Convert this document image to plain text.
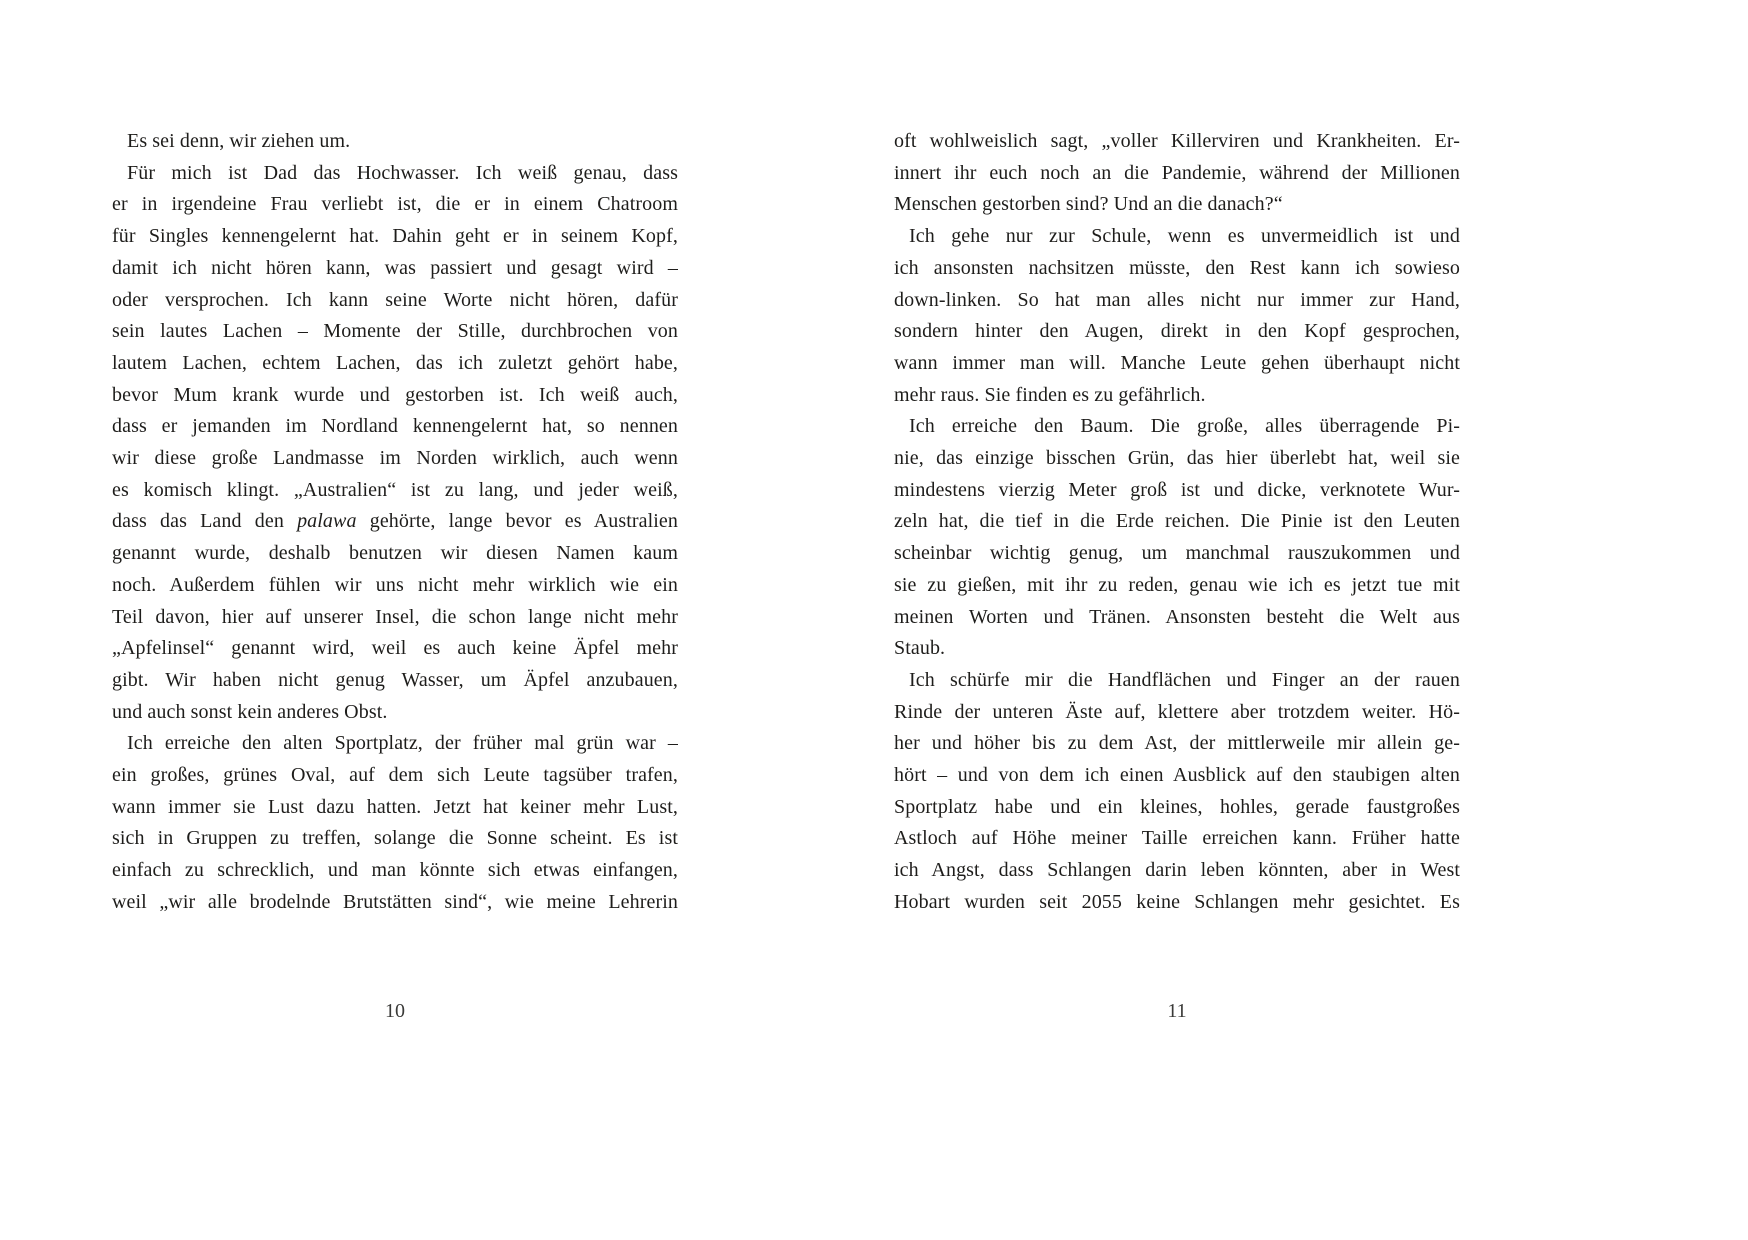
Es sei denn, wir ziehen um.
Für mich ist Dad das Hochwasser. Ich weiß genau, dass
er in irgendeine Frau verliebt ist, die er in einem Chatroom
für Singles kennengelernt hat. Dahin geht er in seinem Kopf,
damit ich nicht hören kann, was passiert und gesagt wird –
oder versprochen. Ich kann seine Worte nicht hören, dafür
sein lautes Lachen – Momente der Stille, durchbrochen von
lautem Lachen, echtem Lachen, das ich zuletzt gehört habe,
bevor Mum krank wurde und gestorben ist. Ich weiß auch,
dass er jemanden im Nordland kennengelernt hat, so nennen
wir diese große Landmasse im Norden wirklich, auch wenn
es komisch klingt. „Australien“ ist zu lang, und jeder weiß,
dass das Land den palawa gehörte, lange bevor es Australien
genannt wurde, deshalb benutzen wir diesen Namen kaum
noch. Außerdem fühlen wir uns nicht mehr wirklich wie ein
Teil davon, hier auf unserer Insel, die schon lange nicht mehr
„Apfelinsel“ genannt wird, weil es auch keine Äpfel mehr
gibt. Wir haben nicht genug Wasser, um Äpfel anzubauen,
und auch sonst kein anderes Obst.
Ich erreiche den alten Sportplatz, der früher mal grün war –
ein großes, grünes Oval, auf dem sich Leute tagsüber trafen,
wann immer sie Lust dazu hatten. Jetzt hat keiner mehr Lust,
sich in Gruppen zu treffen, solange die Sonne scheint. Es ist
einfach zu schrecklich, und man könnte sich etwas einfangen,
weil „wir alle brodelnde Brutstätten sind“, wie meine Lehrerin
10
oft wohlweislich sagt, „voller Killerviren und Krankheiten. Er-
innert ihr euch noch an die Pandemie, während der Millionen
Menschen gestorben sind? Und an die danach?“
Ich gehe nur zur Schule, wenn es unvermeidlich ist und
ich ansonsten nachsitzen müsste, den Rest kann ich sowieso
down-linken. So hat man alles nicht nur immer zur Hand,
sondern hinter den Augen, direkt in den Kopf gesprochen,
wann immer man will. Manche Leute gehen überhaupt nicht
mehr raus. Sie finden es zu gefährlich.
Ich erreiche den Baum. Die große, alles überragende Pi-
nie, das einzige bisschen Grün, das hier überlebt hat, weil sie
mindestens vierzig Meter groß ist und dicke, verknotete Wur-
zeln hat, die tief in die Erde reichen. Die Pinie ist den Leuten
scheinbar wichtig genug, um manchmal rauszukommen und
sie zu gießen, mit ihr zu reden, genau wie ich es jetzt tue mit
meinen Worten und Tränen. Ansonsten besteht die Welt aus
Staub.
Ich schürfe mir die Handflächen und Finger an der rauen
Rinde der unteren Äste auf, klettere aber trotzdem weiter. Hö-
her und höher bis zu dem Ast, der mittlerweile mir allein ge-
hört – und von dem ich einen Ausblick auf den staubigen alten
Sportplatz habe und ein kleines, hohles, gerade faustgroßes
Astloch auf Höhe meiner Taille erreichen kann. Früher hatte
ich Angst, dass Schlangen darin leben könnten, aber in West
Hobart wurden seit 2055 keine Schlangen mehr gesichtet. Es
11
